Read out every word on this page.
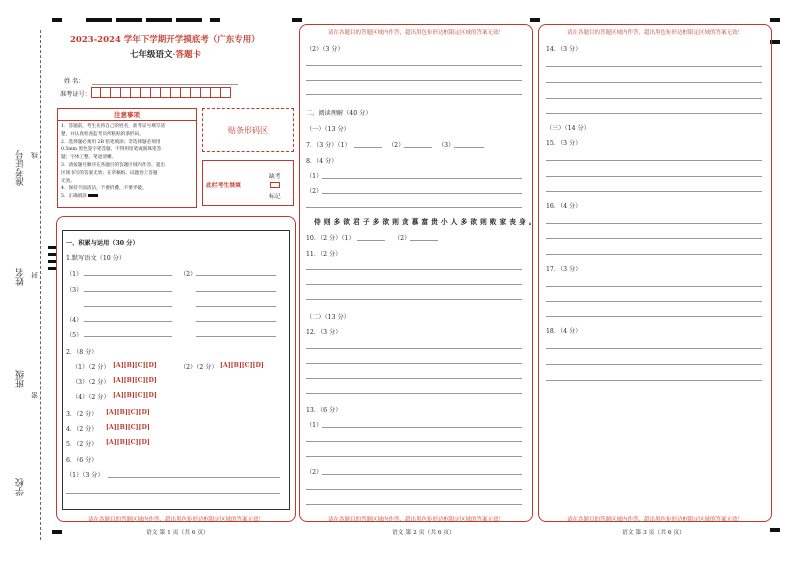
准考证号 线
姓名 封
班级
密
学校
2023-2024 学年下学期开学摸底考（广东专用）
七年级语文·答题卡
姓 名：
准考证号：
注意事项
1．答题前，考生先将自己的姓名，准考证号填写清
楚，并认真检查监考员所粘贴的条形码。
2．选择题必须用 2B 铅笔填涂；非选择题必须用
0.5mm 黑色签字笔答题，不得用铅笔或圆珠笔答
题；字体工整、笔迹清晰。
3．请按题号顺序在各题目的答题区域内作答，超出
区域书写的答案无效；在草稿纸、试题卷上答题
无效。
4．保持卡面清洁，不要折叠、不要弄破。
5．正确填涂
贴条形码区
此栏考生禁填
缺考
标记
请在各题目的答题区域内作答，超出黑色矩形边框限定区域的答案无效！
一、积累与运用（30 分）
1.默写语文（10 分）
（1）	（2）
（3）
（4）
（5）
2．（8 分）
（1）（2 分） [A][B][C][D]	（2）（2 分） [A][B][C][D]
（3）（2 分） [A][B][C][D]
（4）（2 分） [A][B][C][D]
3．（2 分） [A][B][C][D]
4．（2 分） [A][B][C][D]
5．（2 分） [A][B][C][D]
6．（6 分）
（1）（3 分）
语文 第 1 页（共 6 页）
请在各题目的答题区域内作答，超出黑色矩形边框限定区域的答案无效！
请在各题目的答题区域内作答，超出黑色矩形边框限定区域的答案无效！
（2）（3 分）
二、阅读理解（40 分）
（一）（13 分）
7．（3 分）（1）	（2）	（3）
8．（4 分）
（1）
（2）
侍 则 多 欲 君 子 多 欲 则 贪 慕 富 贵 小 人 多 欲 则 败 家 丧 身 。
10．（2 分）（1）	（2）
11．（2 分）
（二）（13 分）
12．（3 分）
13．（6 分）
（1）
（2）
语文 第 2 页（共 6 页）
请在各题目的答题区域内作答，超出黑色矩形边框限定区域的答案无效！
请在各题目的答题区域内作答，超出黑色矩形边框限定区域的答案无效！
14．（3 分）
（三）（14 分）
15．（3 分）
16．（4 分）
17．（3 分）
18．（4 分）
语文 第 3 页（共 6 页）
